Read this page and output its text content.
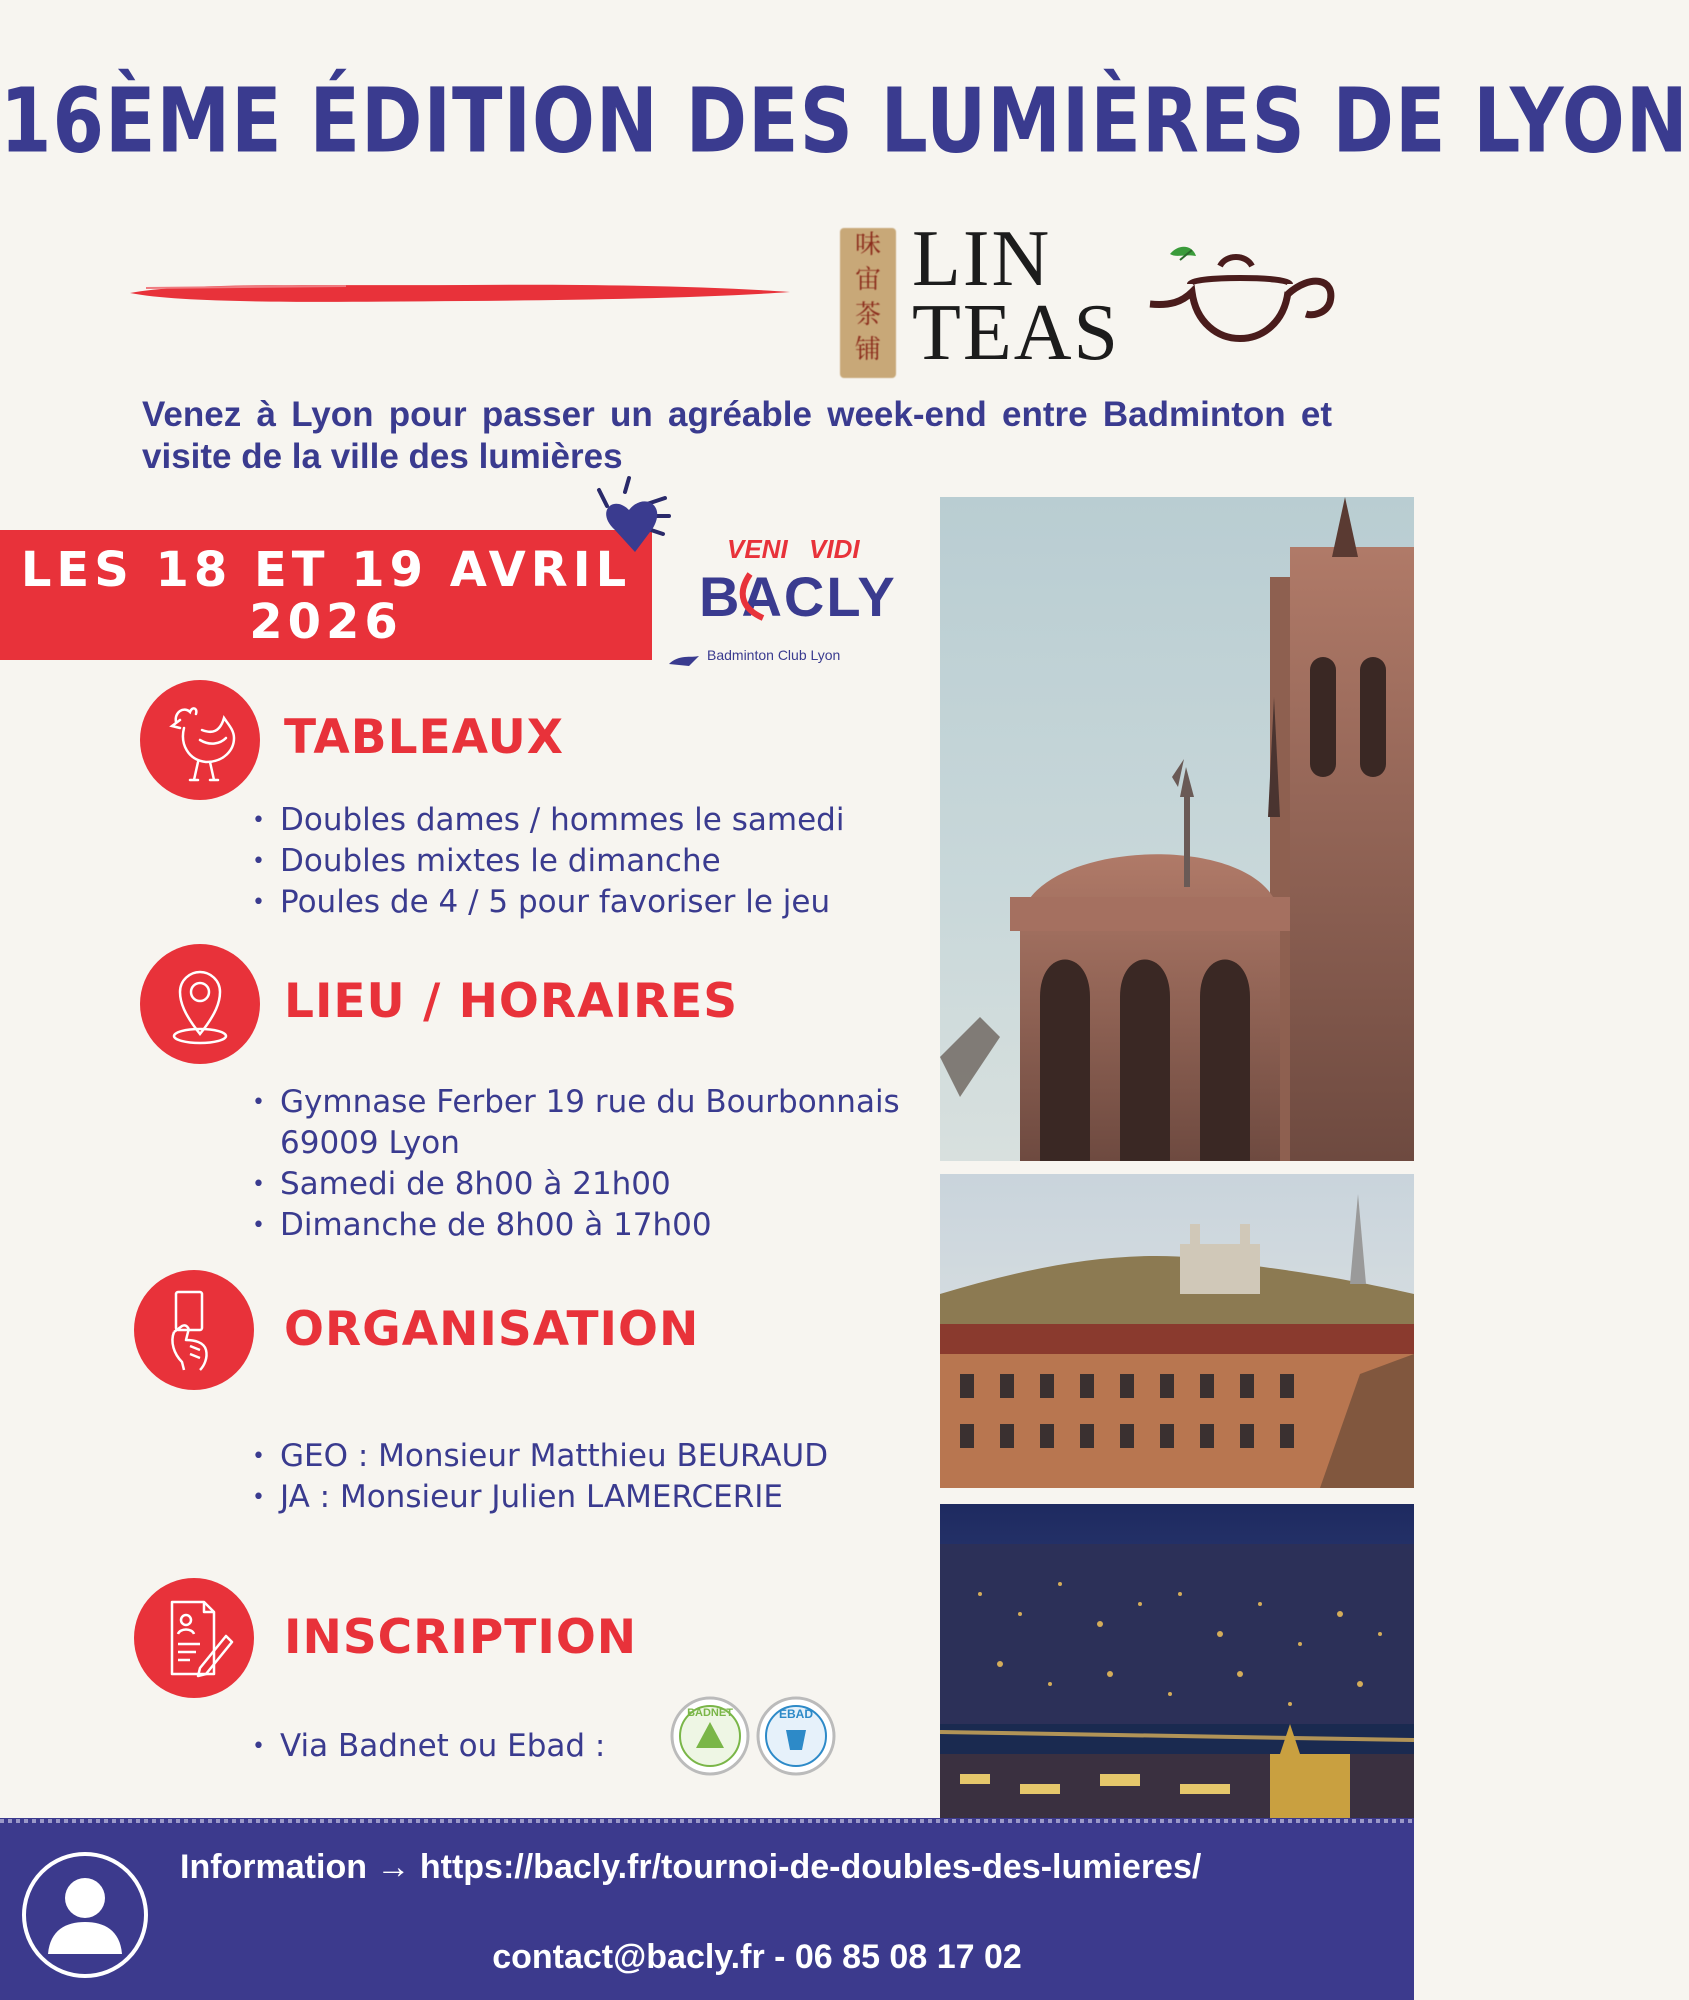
16ÈME ÉDITION DES LUMIÈRES DE LYON
味
宙
茶
铺
LIN
TEAS
Venez à Lyon pour passer un agréable week-end entre Badminton et visite de la ville des lumières
LES 18 ET 19 AVRIL
2026
VENI VIDI
BACLY
Badminton Club Lyon
TABLEAUX
• Doubles dames / hommes le samedi
• Doubles mixtes le dimanche
• Poules de 4 / 5 pour favoriser le jeu
LIEU / HORAIRES
• Gymnase Ferber 19 rue du Bourbonnais 69009 Lyon
• Samedi de 8h00 à 21h00
• Dimanche de 8h00 à 17h00
ORGANISATION
• GEO : Monsieur Matthieu BEURAUD
• JA : Monsieur Julien LAMERCERIE
INSCRIPTION
• Via Badnet ou Ebad :
BADNET	EBAD
Information → https://bacly.fr/tournoi-de-doubles-des-lumieres/
contact@bacly.fr - 06 85 08 17 02
